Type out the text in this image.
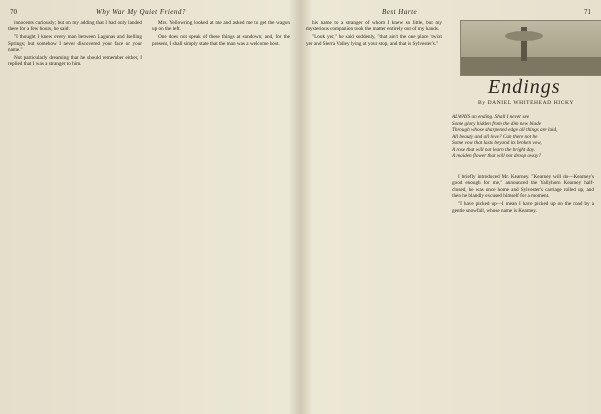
70	Why War My Quiet Friend?

innocents curiously; but on my adding that I had only landed there for a few hours, he said:

"I thought I knew every man between Lagunas and Iselling Springs; but somehow I never discovered your face or your name."

Not particularly dreaming that he should remember either, I replied that I was a stranger to him.

Mrs. Yellowring looked at me and asked me to get the wagon up on the left.

One does not speak of these things at sundown; and, for the present, I shall simply state that the man was a welcome host.

Best Harte	71

his name to a stranger of whom I knew so little, but my mysterious companion took the matter entirely out of my hands.

"Look yer," he said suddenly, "that ain't the one place 'twixt yer and Sierra Valley lying at your stop, and that is Sylvester's."

Endings
By DANIEL WHITEHEAD HICKY
ALWAYS an ending. Shall I never see
Some glory hidden from the dim new blade
Through whose sharpened edge all things are laid,
All beauty and all love? Can there not be
Some vow that lasts beyond its broken vow,
A rose that will not learn the bright day.
A maiden flower that will not droop away?

I briefly introduced Mr. Kearney. "Kearney will do—Kearney's good enough for me," announced the Yallyhorn Kearney half-closed, he was once home and Sylvester's carriage rolled up, and then he blandly excused himself for a moment.

"I have picked up—I mean I have picked up on the road by a gentle snowfall, whose name is Kearney.
